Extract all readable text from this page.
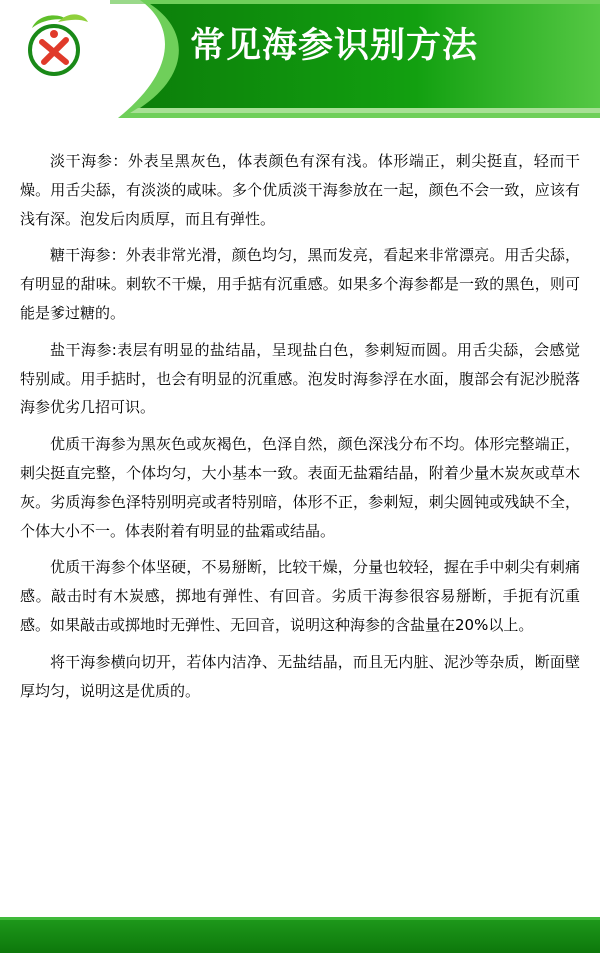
常见海参识别方法

淡干海参：外表呈黑灰色，体表颜色有深有浅。体形端正，刺尖挺直，轻而干燥。用舌尖舔，有淡淡的咸味。多个优质淡干海参放在一起，颜色不会一致，应该有浅有深。泡发后肉质厚，而且有弹性。

糖干海参：外表非常光滑，颜色均匀，黑而发亮，看起来非常漂亮。用舌尖舔，有明显的甜味。刺软不干燥，用手掂有沉重感。如果多个海参都是一致的黑色，则可能是爹过糖的。

盐干海参:表层有明显的盐结晶，呈现盐白色，参刺短而圆。用舌尖舔，会感觉特别咸。用手掂时，也会有明显的沉重感。泡发时海参浮在水面，腹部会有泥沙脱落海参优劣几招可识。

优质干海参为黑灰色或灰褐色，色泽自然，颜色深浅分布不均。体形完整端正，刺尖挺直完整，个体均匀，大小基本一致。表面无盐霜结晶，附着少量木炭灰或草木灰。劣质海参色泽特别明亮或者特别暗，体形不正，参刺短，刺尖圆钝或残缺不全，个体大小不一。体表附着有明显的盐霜或结晶。

优质干海参个体坚硬，不易掰断，比较干燥，分量也较轻，握在手中刺尖有刺痛感。敲击时有木炭感，掷地有弹性、有回音。劣质干海参很容易掰断，手扼有沉重感。如果敲击或掷地时无弹性、无回音，说明这种海参的含盐量在20%以上。

将干海参横向切开，若体内洁净、无盐结晶，而且无内脏、泥沙等杂质，断面壁厚均匀，说明这是优质的。
